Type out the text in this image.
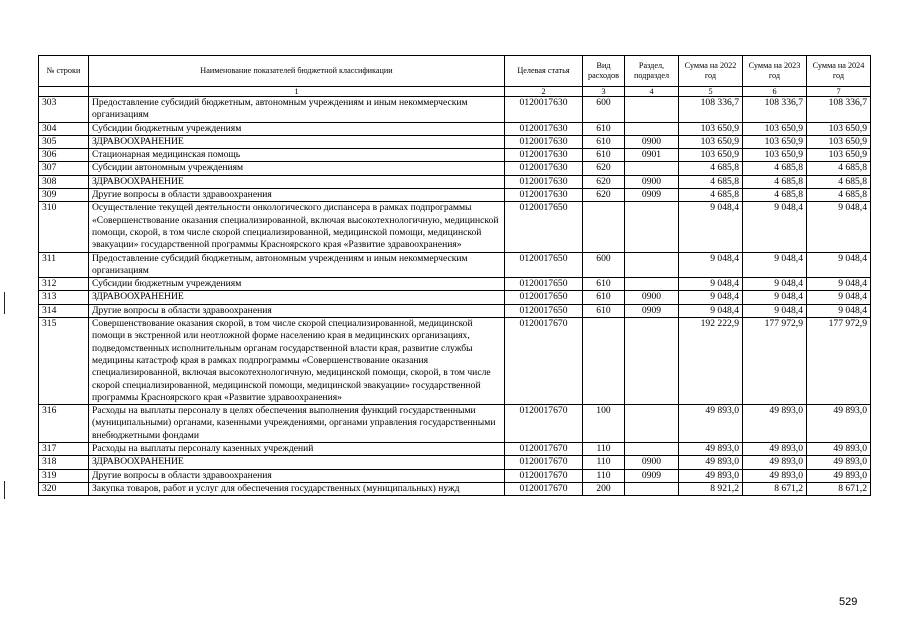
№ строки	Наименование показателей бюджетной классификации	Целевая статья	Вид расходов	Раздел, подраздел	Сумма на 2022 год	Сумма на 2023 год	Сумма на 2024 год
	1	2	3	4	5	6	7
303	Предоставление субсидий бюджетным, автономным учреждениям и иным некоммерческим организациям	0120017630	600		108 336,7	108 336,7	108 336,7
304	Субсидии бюджетным учреждениям	0120017630	610		103 650,9	103 650,9	103 650,9
305	ЗДРАВООХРАНЕНИЕ	0120017630	610	0900	103 650,9	103 650,9	103 650,9
306	Стационарная медицинская помощь	0120017630	610	0901	103 650,9	103 650,9	103 650,9
307	Субсидии автономным учреждениям	0120017630	620		4 685,8	4 685,8	4 685,8
308	ЗДРАВООХРАНЕНИЕ	0120017630	620	0900	4 685,8	4 685,8	4 685,8
309	Другие вопросы в области здравоохранения	0120017630	620	0909	4 685,8	4 685,8	4 685,8
310	Осуществление текущей деятельности онкологического диспансера в рамках подпрограммы «Совершенствование оказания специализированной, включая высокотехнологичную, медицинской помощи, скорой, в том числе скорой специализированной, медицинской помощи, медицинской эвакуации» государственной программы Красноярского края «Развитие здравоохранения»	0120017650			9 048,4	9 048,4	9 048,4
311	Предоставление субсидий бюджетным, автономным учреждениям и иным некоммерческим организациям	0120017650	600		9 048,4	9 048,4	9 048,4
312	Субсидии бюджетным учреждениям	0120017650	610		9 048,4	9 048,4	9 048,4
313	ЗДРАВООХРАНЕНИЕ	0120017650	610	0900	9 048,4	9 048,4	9 048,4
314	Другие вопросы в области здравоохранения	0120017650	610	0909	9 048,4	9 048,4	9 048,4
315	Совершенствование оказания скорой, в том числе скорой специализированной, медицинской помощи в экстренной или неотложной форме населению края в медицинских организациях, подведомственных исполнительным органам государственной власти края, развитие службы медицины катастроф края в рамках подпрограммы «Совершенствование оказания специализированной, включая высокотехнологичную, медицинской помощи, скорой, в том числе скорой специализированной, медицинской помощи, медицинской эвакуации» государственной программы Красноярского края «Развитие здравоохранения»	0120017670			192 222,9	177 972,9	177 972,9
316	Расходы на выплаты персоналу в целях обеспечения выполнения функций государственными (муниципальными) органами, казенными учреждениями, органами управления государственными внебюджетными фондами	0120017670	100		49 893,0	49 893,0	49 893,0
317	Расходы на выплаты персоналу казенных учреждений	0120017670	110		49 893,0	49 893,0	49 893,0
318	ЗДРАВООХРАНЕНИЕ	0120017670	110	0900	49 893,0	49 893,0	49 893,0
319	Другие вопросы в области здравоохранения	0120017670	110	0909	49 893,0	49 893,0	49 893,0
320	Закупка товаров, работ и услуг для обеспечения государственных (муниципальных) нужд	0120017670	200		8 921,2	8 671,2	8 671,2
529
